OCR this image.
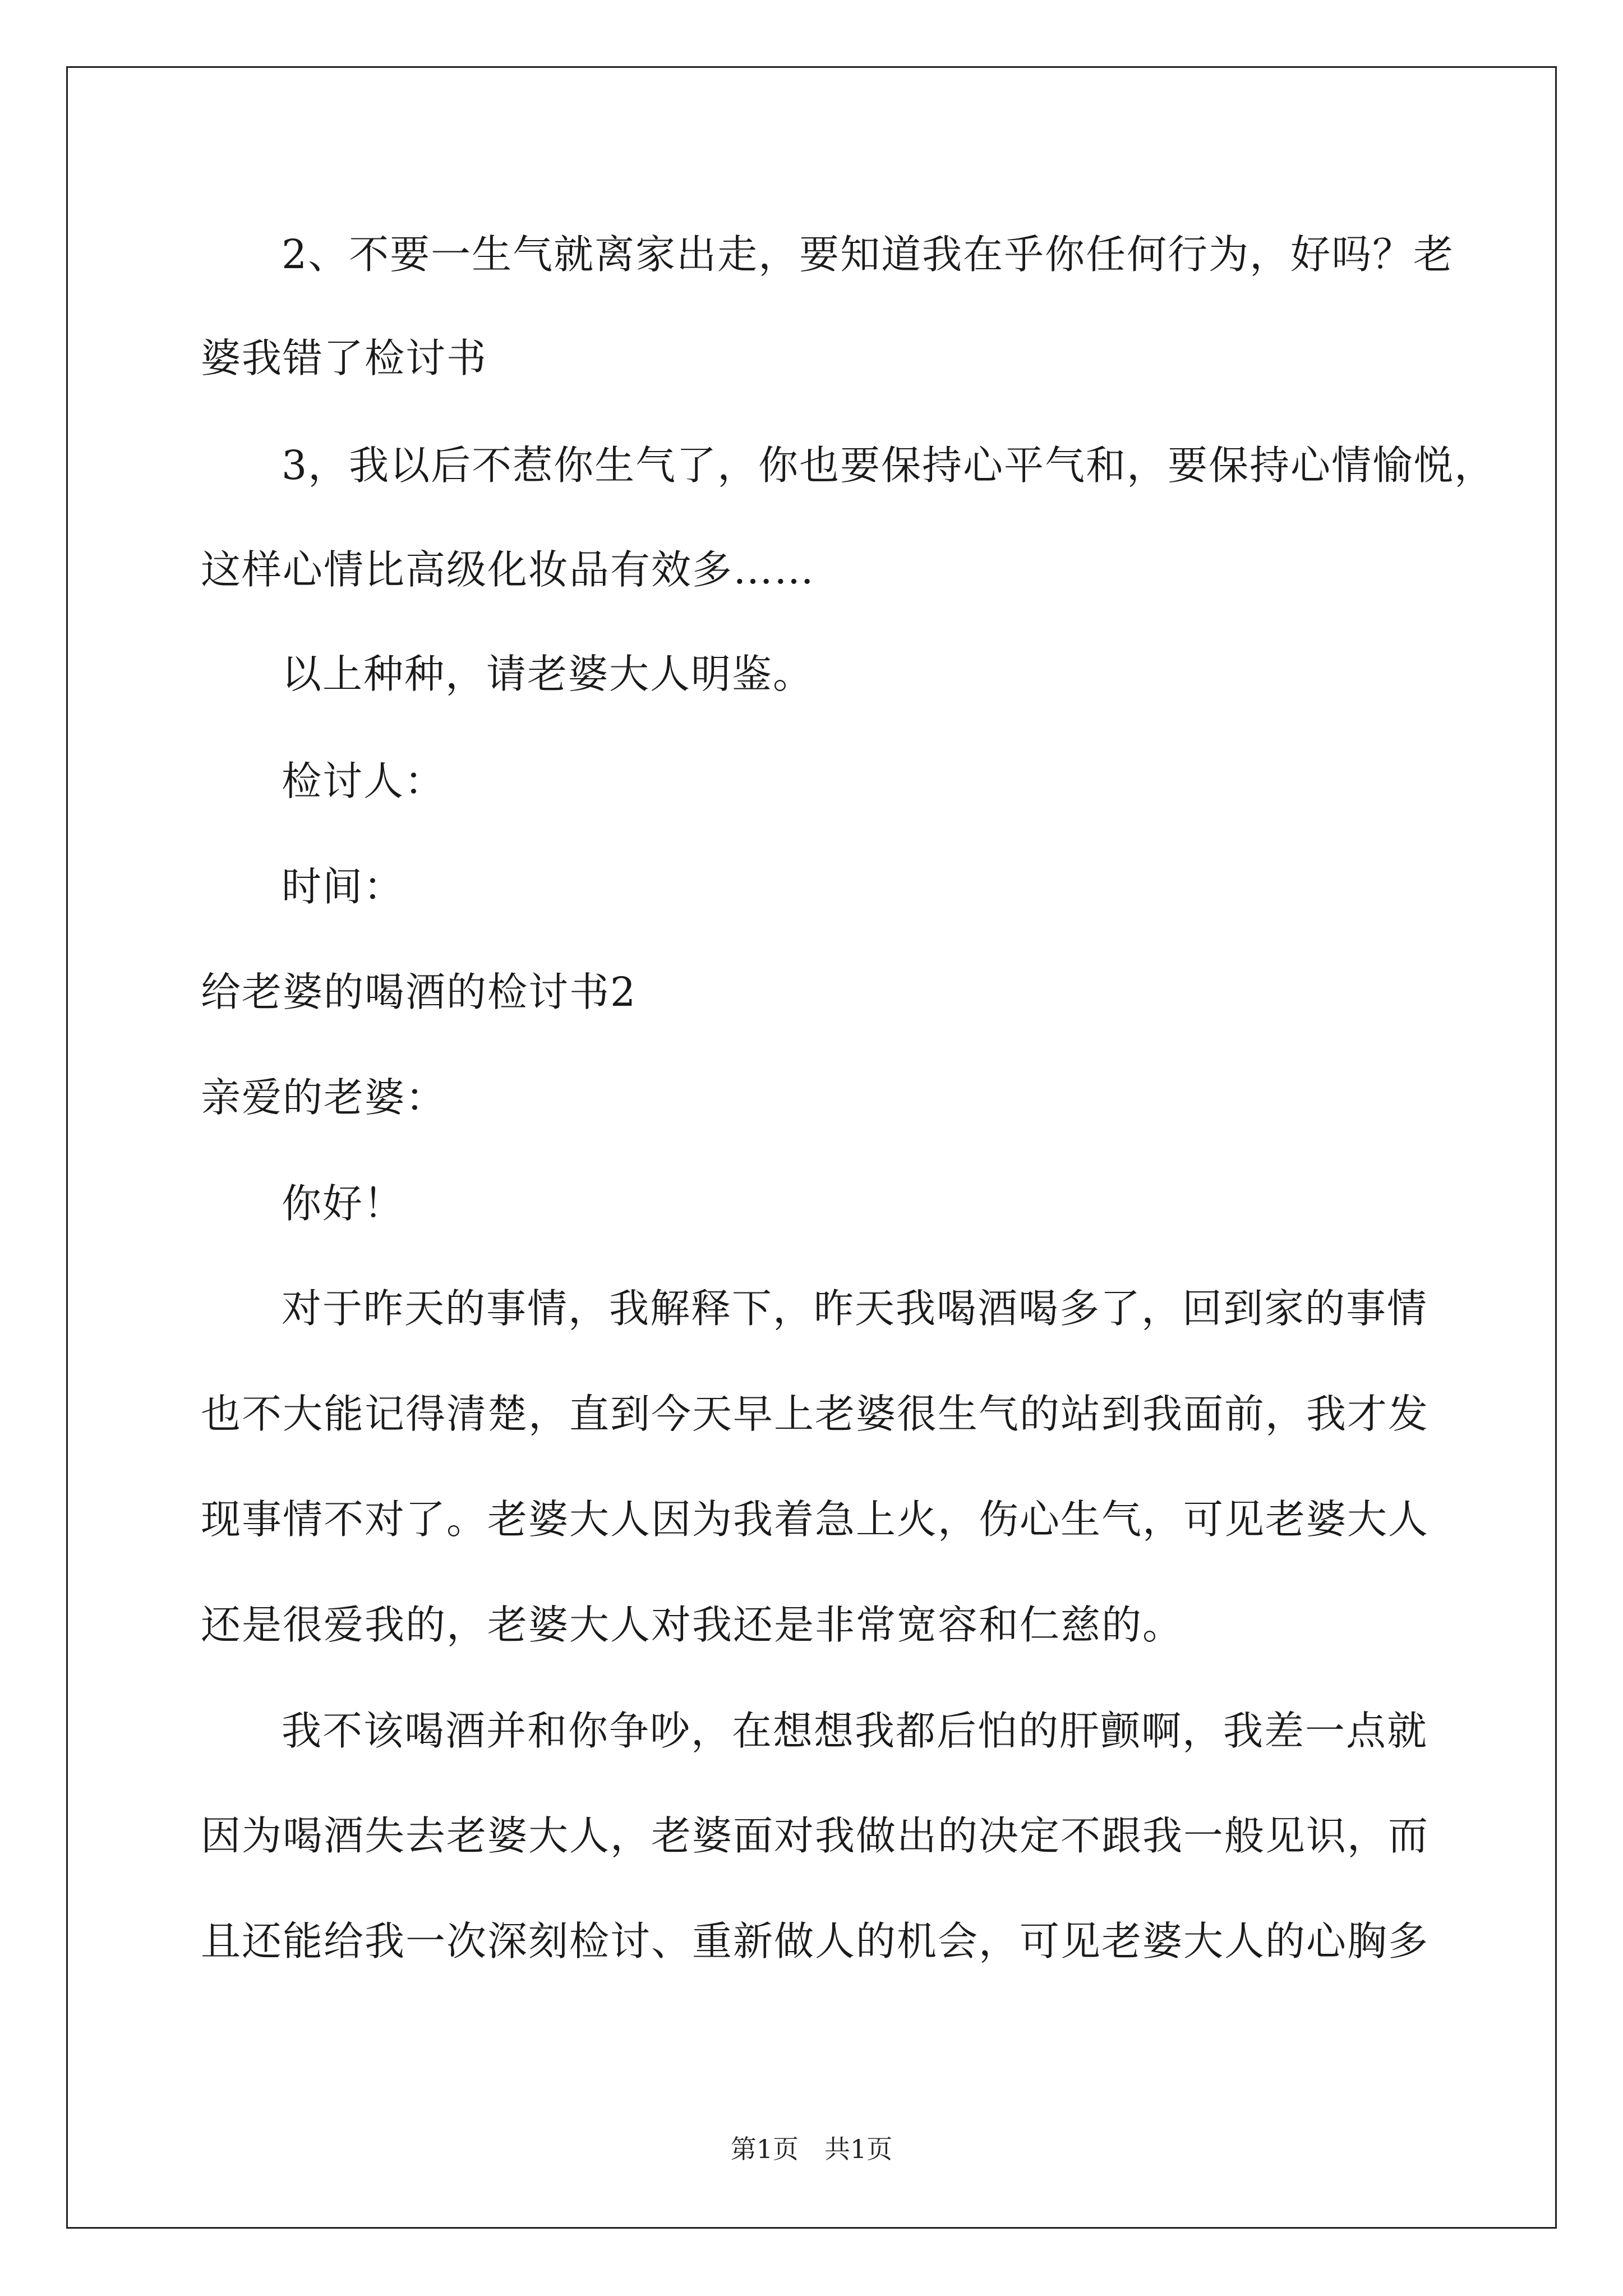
2、不要一生气就离家出走，要知道我在乎你任何行为，好吗？老
婆我错了检讨书
3，我以后不惹你生气了，你也要保持心平气和，要保持心情愉悦，
这样心情比高级化妆品有效多……
以上种种，请老婆大人明鉴。
检讨人：
时间：
给老婆的喝酒的检讨书2
亲爱的老婆：
你好！
对于昨天的事情，我解释下，昨天我喝酒喝多了，回到家的事情
也不大能记得清楚，直到今天早上老婆很生气的站到我面前，我才发
现事情不对了。老婆大人因为我着急上火，伤心生气，可见老婆大人
还是很爱我的，老婆大人对我还是非常宽容和仁慈的。
我不该喝酒并和你争吵，在想想我都后怕的肝颤啊，我差一点就
因为喝酒失去老婆大人，老婆面对我做出的决定不跟我一般见识，而
且还能给我一次深刻检讨、重新做人的机会，可见老婆大人的心胸多
第1页　共1页
